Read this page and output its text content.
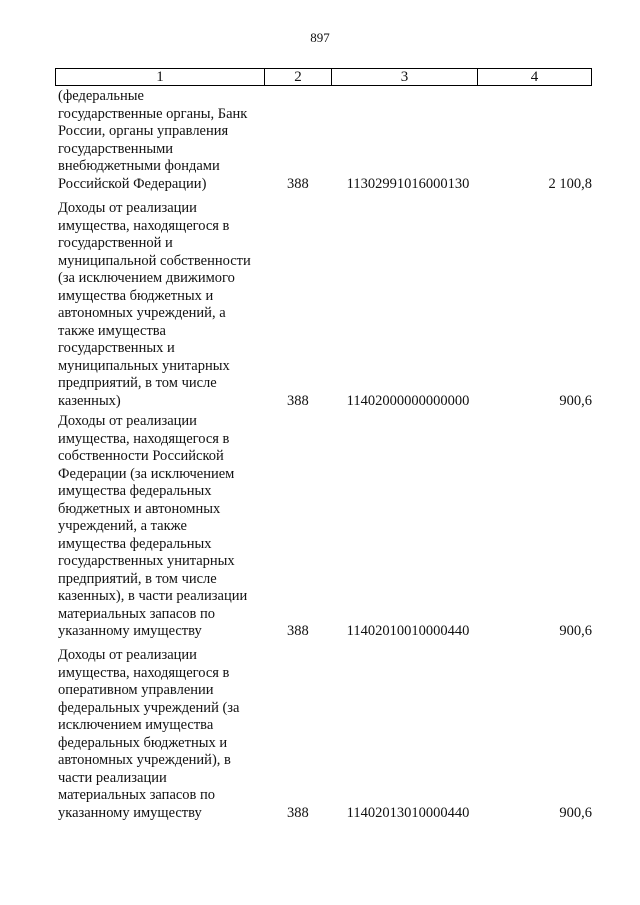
897
1	2	3	4
(федеральные
государственные органы, Банк
России, органы управления
государственными
внебюджетными фондами
Российской Федерации)	388	11302991016000130	2 100,8
Доходы от реализации
имущества, находящегося в
государственной и
муниципальной собственности
(за исключением движимого
имущества бюджетных и
автономных учреждений, а
также имущества
государственных и
муниципальных унитарных
предприятий, в том числе
казенных)	388	11402000000000000	900,6
Доходы от реализации
имущества, находящегося в
собственности Российской
Федерации (за исключением
имущества федеральных
бюджетных и автономных
учреждений, а также
имущества федеральных
государственных унитарных
предприятий, в том числе
казенных), в части реализации
материальных запасов по
указанному имуществу	388	11402010010000440	900,6
Доходы от реализации
имущества, находящегося в
оперативном управлении
федеральных учреждений (за
исключением имущества
федеральных бюджетных и
автономных учреждений), в
части реализации
материальных запасов по
указанному имуществу	388	11402013010000440	900,6
